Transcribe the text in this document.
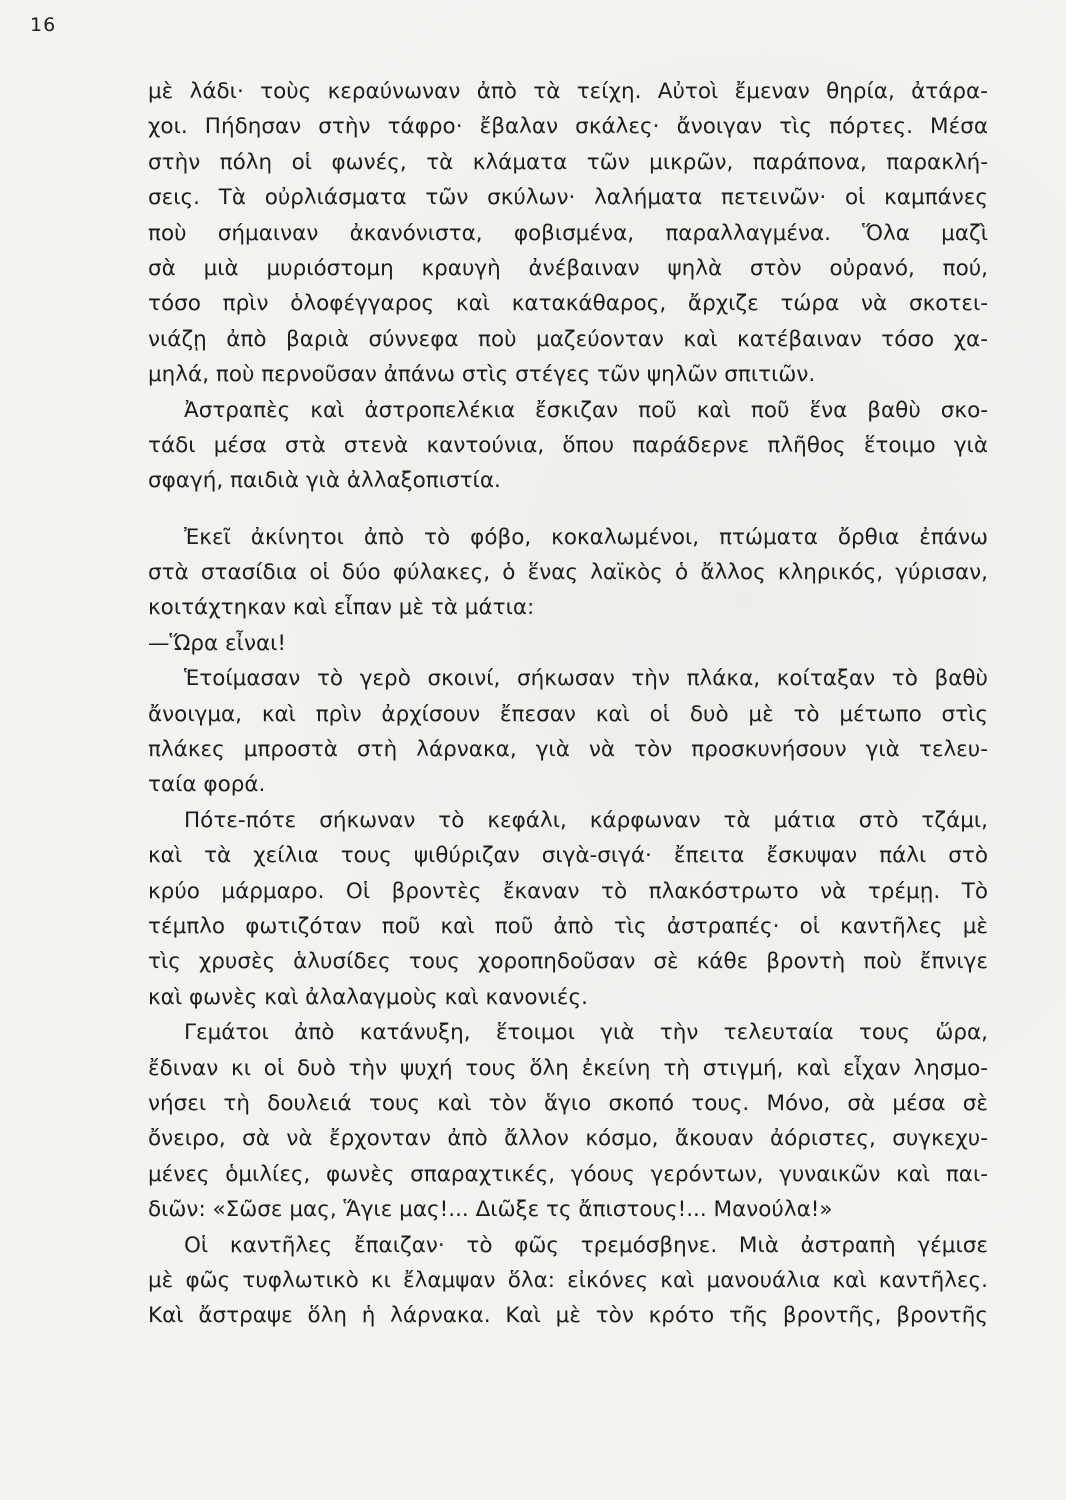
16
μὲ λάδι· τοὺς κεραύνωναν ἀπὸ τὰ τείχη. Αὐτοὶ ἔμεναν θηρία, ἀτάρα-
χοι. Πήδησαν στὴν τάφρο· ἔβαλαν σκάλες· ἄνοιγαν τὶς πόρτες. Μέσα
στὴν πόλη οἱ φωνές, τὰ κλάματα τῶν μικρῶν, παράπονα, παρακλή-
σεις. Τὰ οὐρλιάσματα τῶν σκύλων· λαλήματα πετεινῶν· οἱ καμπάνες
ποὺ σήμαιναν ἀκανόνιστα, φοβισμένα, παραλλαγμένα. Ὅλα μαζὶ
σὰ μιὰ μυριόστομη κραυγὴ ἀνέβαιναν ψηλὰ στὸν οὐρανό, πού,
τόσο πρὶν ὁλοφέγγαρος καὶ κατακάθαρος, ἄρχιζε τώρα νὰ σκοτει-
νιάζῃ ἀπὸ βαριὰ σύννεφα ποὺ μαζεύονταν καὶ κατέβαιναν τόσο χα-
μηλά, ποὺ περνοῦσαν ἀπάνω στὶς στέγες τῶν ψηλῶν σπιτιῶν.
Ἀστραπὲς καὶ ἀστροπελέκια ἔσκιζαν ποῦ καὶ ποῦ ἕνα βαθὺ σκο-
τάδι μέσα στὰ στενὰ καντούνια, ὅπου παράδερνε πλῆθος ἕτοιμο γιὰ
σφαγή, παιδιὰ γιὰ ἀλλαξοπιστία.
Ἐκεῖ ἀκίνητοι ἀπὸ τὸ φόβο, κοκαλωμένοι, πτώματα ὄρθια ἐπάνω
στὰ στασίδια οἱ δύο φύλακες, ὁ ἕνας λαϊκὸς ὁ ἄλλος κληρικός, γύρισαν,
κοιτάχτηκαν καὶ εἶπαν μὲ τὰ μάτια:
—Ὥρα εἶναι!
Ἑτοίμασαν τὸ γερὸ σκοινί, σήκωσαν τὴν πλάκα, κοίταξαν τὸ βαθὺ
ἄνοιγμα, καὶ πρὶν ἀρχίσουν ἔπεσαν καὶ οἱ δυὸ μὲ τὸ μέτωπο στὶς
πλάκες μπροστὰ στὴ λάρνακα, γιὰ νὰ τὸν προσκυνήσουν γιὰ τελευ-
ταία φορά.
Πότε-πότε σήκωναν τὸ κεφάλι, κάρφωναν τὰ μάτια στὸ τζάμι,
καὶ τὰ χείλια τους ψιθύριζαν σιγὰ-σιγά· ἔπειτα ἔσκυψαν πάλι στὸ
κρύο μάρμαρο. Οἱ βροντὲς ἔκαναν τὸ πλακόστρωτο νὰ τρέμῃ. Τὸ
τέμπλο φωτιζόταν ποῦ καὶ ποῦ ἀπὸ τὶς ἀστραπές· οἱ καντῆλες μὲ
τὶς χρυσὲς ἁλυσίδες τους χοροπηδοῦσαν σὲ κάθε βροντὴ ποὺ ἔπνιγε
καὶ φωνὲς καὶ ἀλαλαγμοὺς καὶ κανονιές.
Γεμάτοι ἀπὸ κατάνυξη, ἕτοιμοι γιὰ τὴν τελευταία τους ὥρα,
ἔδιναν κι οἱ δυὸ τὴν ψυχή τους ὅλη ἐκείνη τὴ στιγμή, καὶ εἶχαν λησμο-
νήσει τὴ δουλειά τους καὶ τὸν ἅγιο σκοπό τους. Μόνο, σὰ μέσα σὲ
ὄνειρο, σὰ νὰ ἔρχονταν ἀπὸ ἄλλον κόσμο, ἄκουαν ἀόριστες, συγκεχυ-
μένες ὁμιλίες, φωνὲς σπαραχτικές, γόους γερόντων, γυναικῶν καὶ παι-
διῶν: «Σῶσε μας, Ἅγιε μας!... Διῶξε τς ἄπιστους!... Μανούλα!»
Οἱ καντῆλες ἔπαιζαν· τὸ φῶς τρεμόσβηνε. Μιὰ ἀστραπὴ γέμισε
μὲ φῶς τυφλωτικὸ κι ἔλαμψαν ὅλα: εἰκόνες καὶ μανουάλια καὶ καντῆλες.
Καὶ ἄστραψε ὅλη ἡ λάρνακα. Καὶ μὲ τὸν κρότο τῆς βροντῆς, βροντῆς
